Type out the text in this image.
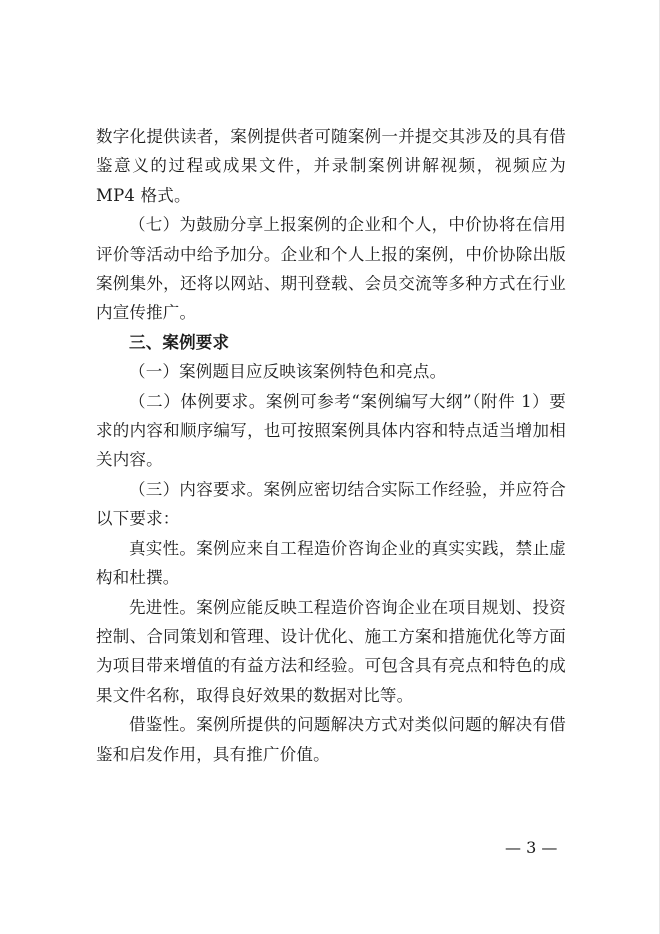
数字化提供读者，案例提供者可随案例一并提交其涉及的具有借鉴意义的过程或成果文件，并录制案例讲解视频，视频应为 MP4 格式。

（七）为鼓励分享上报案例的企业和个人，中价协将在信用评价等活动中给予加分。企业和个人上报的案例，中价协除出版案例集外，还将以网站、期刊登载、会员交流等多种方式在行业内宣传推广。

三、案例要求

（一）案例题目应反映该案例特色和亮点。

（二）体例要求。案例可参考“案例编写大纲”（附件 1）要求的内容和顺序编写，也可按照案例具体内容和特点适当增加相关内容。

（三）内容要求。案例应密切结合实际工作经验，并应符合以下要求：

真实性。案例应来自工程造价咨询企业的真实实践，禁止虚构和杜撰。

先进性。案例应能反映工程造价咨询企业在项目规划、投资控制、合同策划和管理、设计优化、施工方案和措施优化等方面为项目带来增值的有益方法和经验。可包含具有亮点和特色的成果文件名称，取得良好效果的数据对比等。

借鉴性。案例所提供的问题解决方式对类似问题的解决有借鉴和启发作用，具有推广价值。

— 3 —
